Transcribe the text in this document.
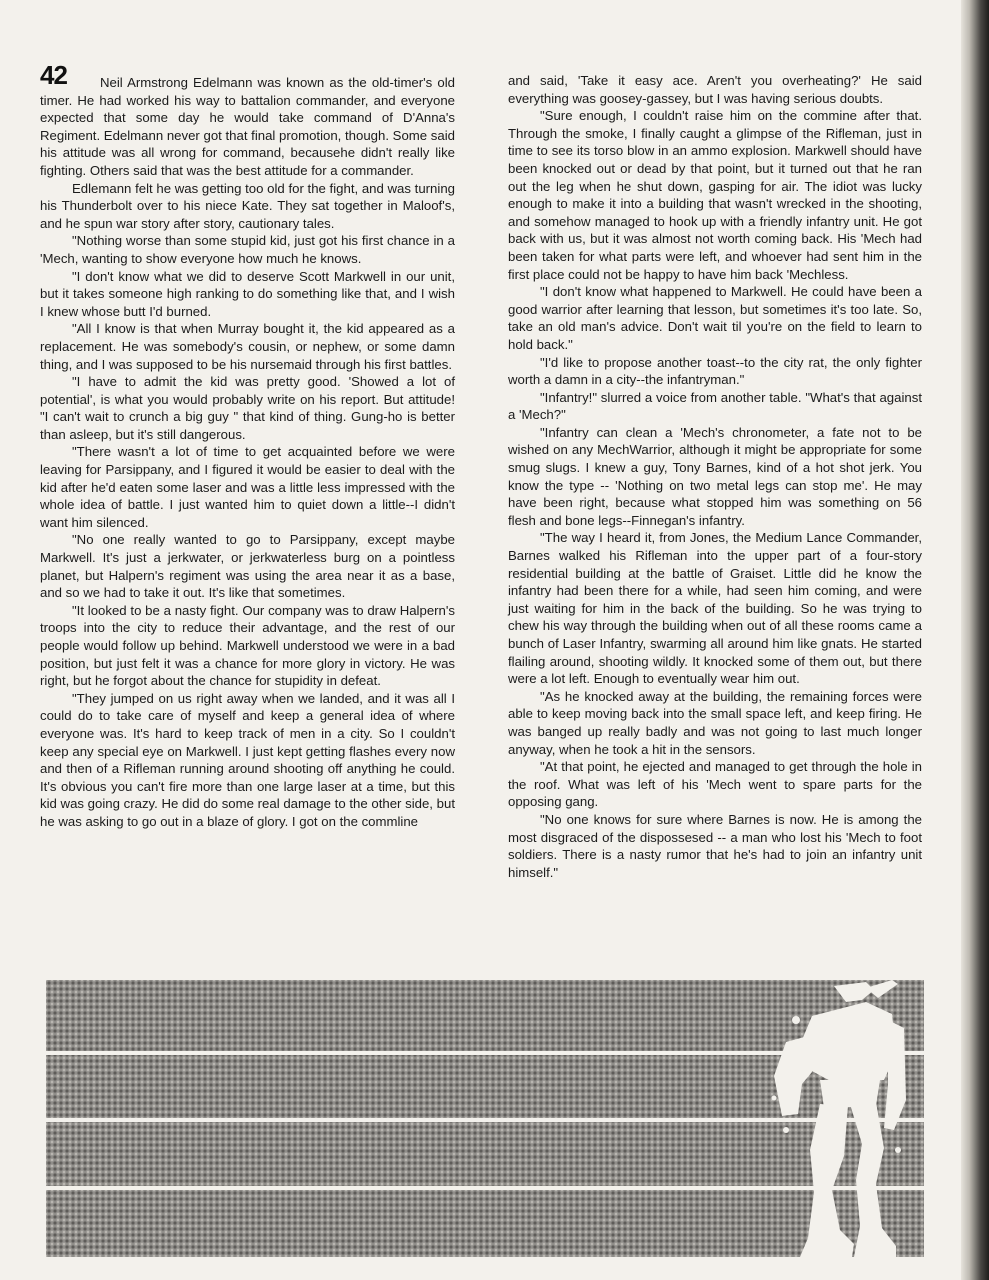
42	Neil Armstrong Edelmann was known as the old-timer's old timer. He had worked his way to battalion commander, and everyone expected that some day he would take command of D'Anna's Regiment. Edelmann never got that final promotion, though. Some said his attitude was all wrong for command, becausehe didn't really like fighting. Others said that was the best attitude for a commander.

Edlemann felt he was getting too old for the fight, and was turning his Thunderbolt over to his niece Kate. They sat together in Maloof's, and he spun war story after story, cautionary tales.

"Nothing worse than some stupid kid, just got his first chance in a 'Mech, wanting to show everyone how much he knows.

"I don't know what we did to deserve Scott Markwell in our unit, but it takes someone high ranking to do something like that, and I wish I knew whose butt I'd burned.

"All I know is that when Murray bought it, the kid appeared as a replacement. He was somebody's cousin, or nephew, or some damn thing, and I was supposed to be his nursemaid through his first battles.

"I have to admit the kid was pretty good. 'Showed a lot of potential', is what you would probably write on his report. But attitude! "I can't wait to crunch a big guy " that kind of thing. Gung-ho is better than asleep, but it's still dangerous.

"There wasn't a lot of time to get acquainted before we were leaving for Parsippany, and I figured it would be easier to deal with the kid after he'd eaten some laser and was a little less impressed with the whole idea of battle. I just wanted him to quiet down a little--I didn't want him silenced.

"No one really wanted to go to Parsippany, except maybe Markwell. It's just a jerkwater, or jerkwaterless burg on a pointless planet, but Halpern's regiment was using the area near it as a base, and so we had to take it out. It's like that sometimes.

"It looked to be a nasty fight. Our company was to draw Halpern's troops into the city to reduce their advantage, and the rest of our people would follow up behind. Markwell understood we were in a bad position, but just felt it was a chance for more glory in victory. He was right, but he forgot about the chance for stupidity in defeat.

"They jumped on us right away when we landed, and it was all I could do to take care of myself and keep a general idea of where everyone was. It's hard to keep track of men in a city. So I couldn't keep any special eye on Markwell. I just kept getting flashes every now and then of a Rifleman running around shooting off anything he could. It's obvious you can't fire more than one large laser at a time, but this kid was going crazy. He did do some real damage to the other side, but he was asking to go out in a blaze of glory. I got on the commline

and said, 'Take it easy ace. Aren't you overheating?' He said everything was goosey-gassey, but I was having serious doubts.

"Sure enough, I couldn't raise him on the commine after that. Through the smoke, I finally caught a glimpse of the Rifleman, just in time to see its torso blow in an ammo explosion. Markwell should have been knocked out or dead by that point, but it turned out that he ran out the leg when he shut down, gasping for air. The idiot was lucky enough to make it into a building that wasn't wrecked in the shooting, and somehow managed to hook up with a friendly infantry unit. He got back with us, but it was almost not worth coming back. His 'Mech had been taken for what parts were left, and whoever had sent him in the first place could not be happy to have him back 'Mechless.

"I don't know what happened to Markwell. He could have been a good warrior after learning that lesson, but sometimes it's too late. So, take an old man's advice. Don't wait til you're on the field to learn to hold back."

"I'd like to propose another toast--to the city rat, the only fighter worth a damn in a city--the infantryman."

"Infantry!" slurred a voice from another table. "What's that against a 'Mech?"

"Infantry can clean a 'Mech's chronometer, a fate not to be wished on any MechWarrior, although it might be appropriate for some smug slugs. I knew a guy, Tony Barnes, kind of a hot shot jerk. You know the type -- 'Nothing on two metal legs can stop me'. He may have been right, because what stopped him was something on 56 flesh and bone legs--Finnegan's infantry.

"The way I heard it, from Jones, the Medium Lance Commander, Barnes walked his Rifleman into the upper part of a four-story residential building at the battle of Graiset. Little did he know the infantry had been there for a while, had seen him coming, and were just waiting for him in the back of the building. So he was trying to chew his way through the building when out of all these rooms came a bunch of Laser Infantry, swarming all around him like gnats. He started flailing around, shooting wildly. It knocked some of them out, but there were a lot left. Enough to eventually wear him out.

"As he knocked away at the building, the remaining forces were able to keep moving back into the small space left, and keep firing. He was banged up really badly and was not going to last much longer anyway, when he took a hit in the sensors.

"At that point, he ejected and managed to get through the hole in the roof. What was left of his 'Mech went to spare parts for the opposing gang.

"No one knows for sure where Barnes is now. He is among the most disgraced of the dispossesed -- a man who lost his 'Mech to foot soldiers. There is a nasty rumor that he's had to join an infantry unit himself."
